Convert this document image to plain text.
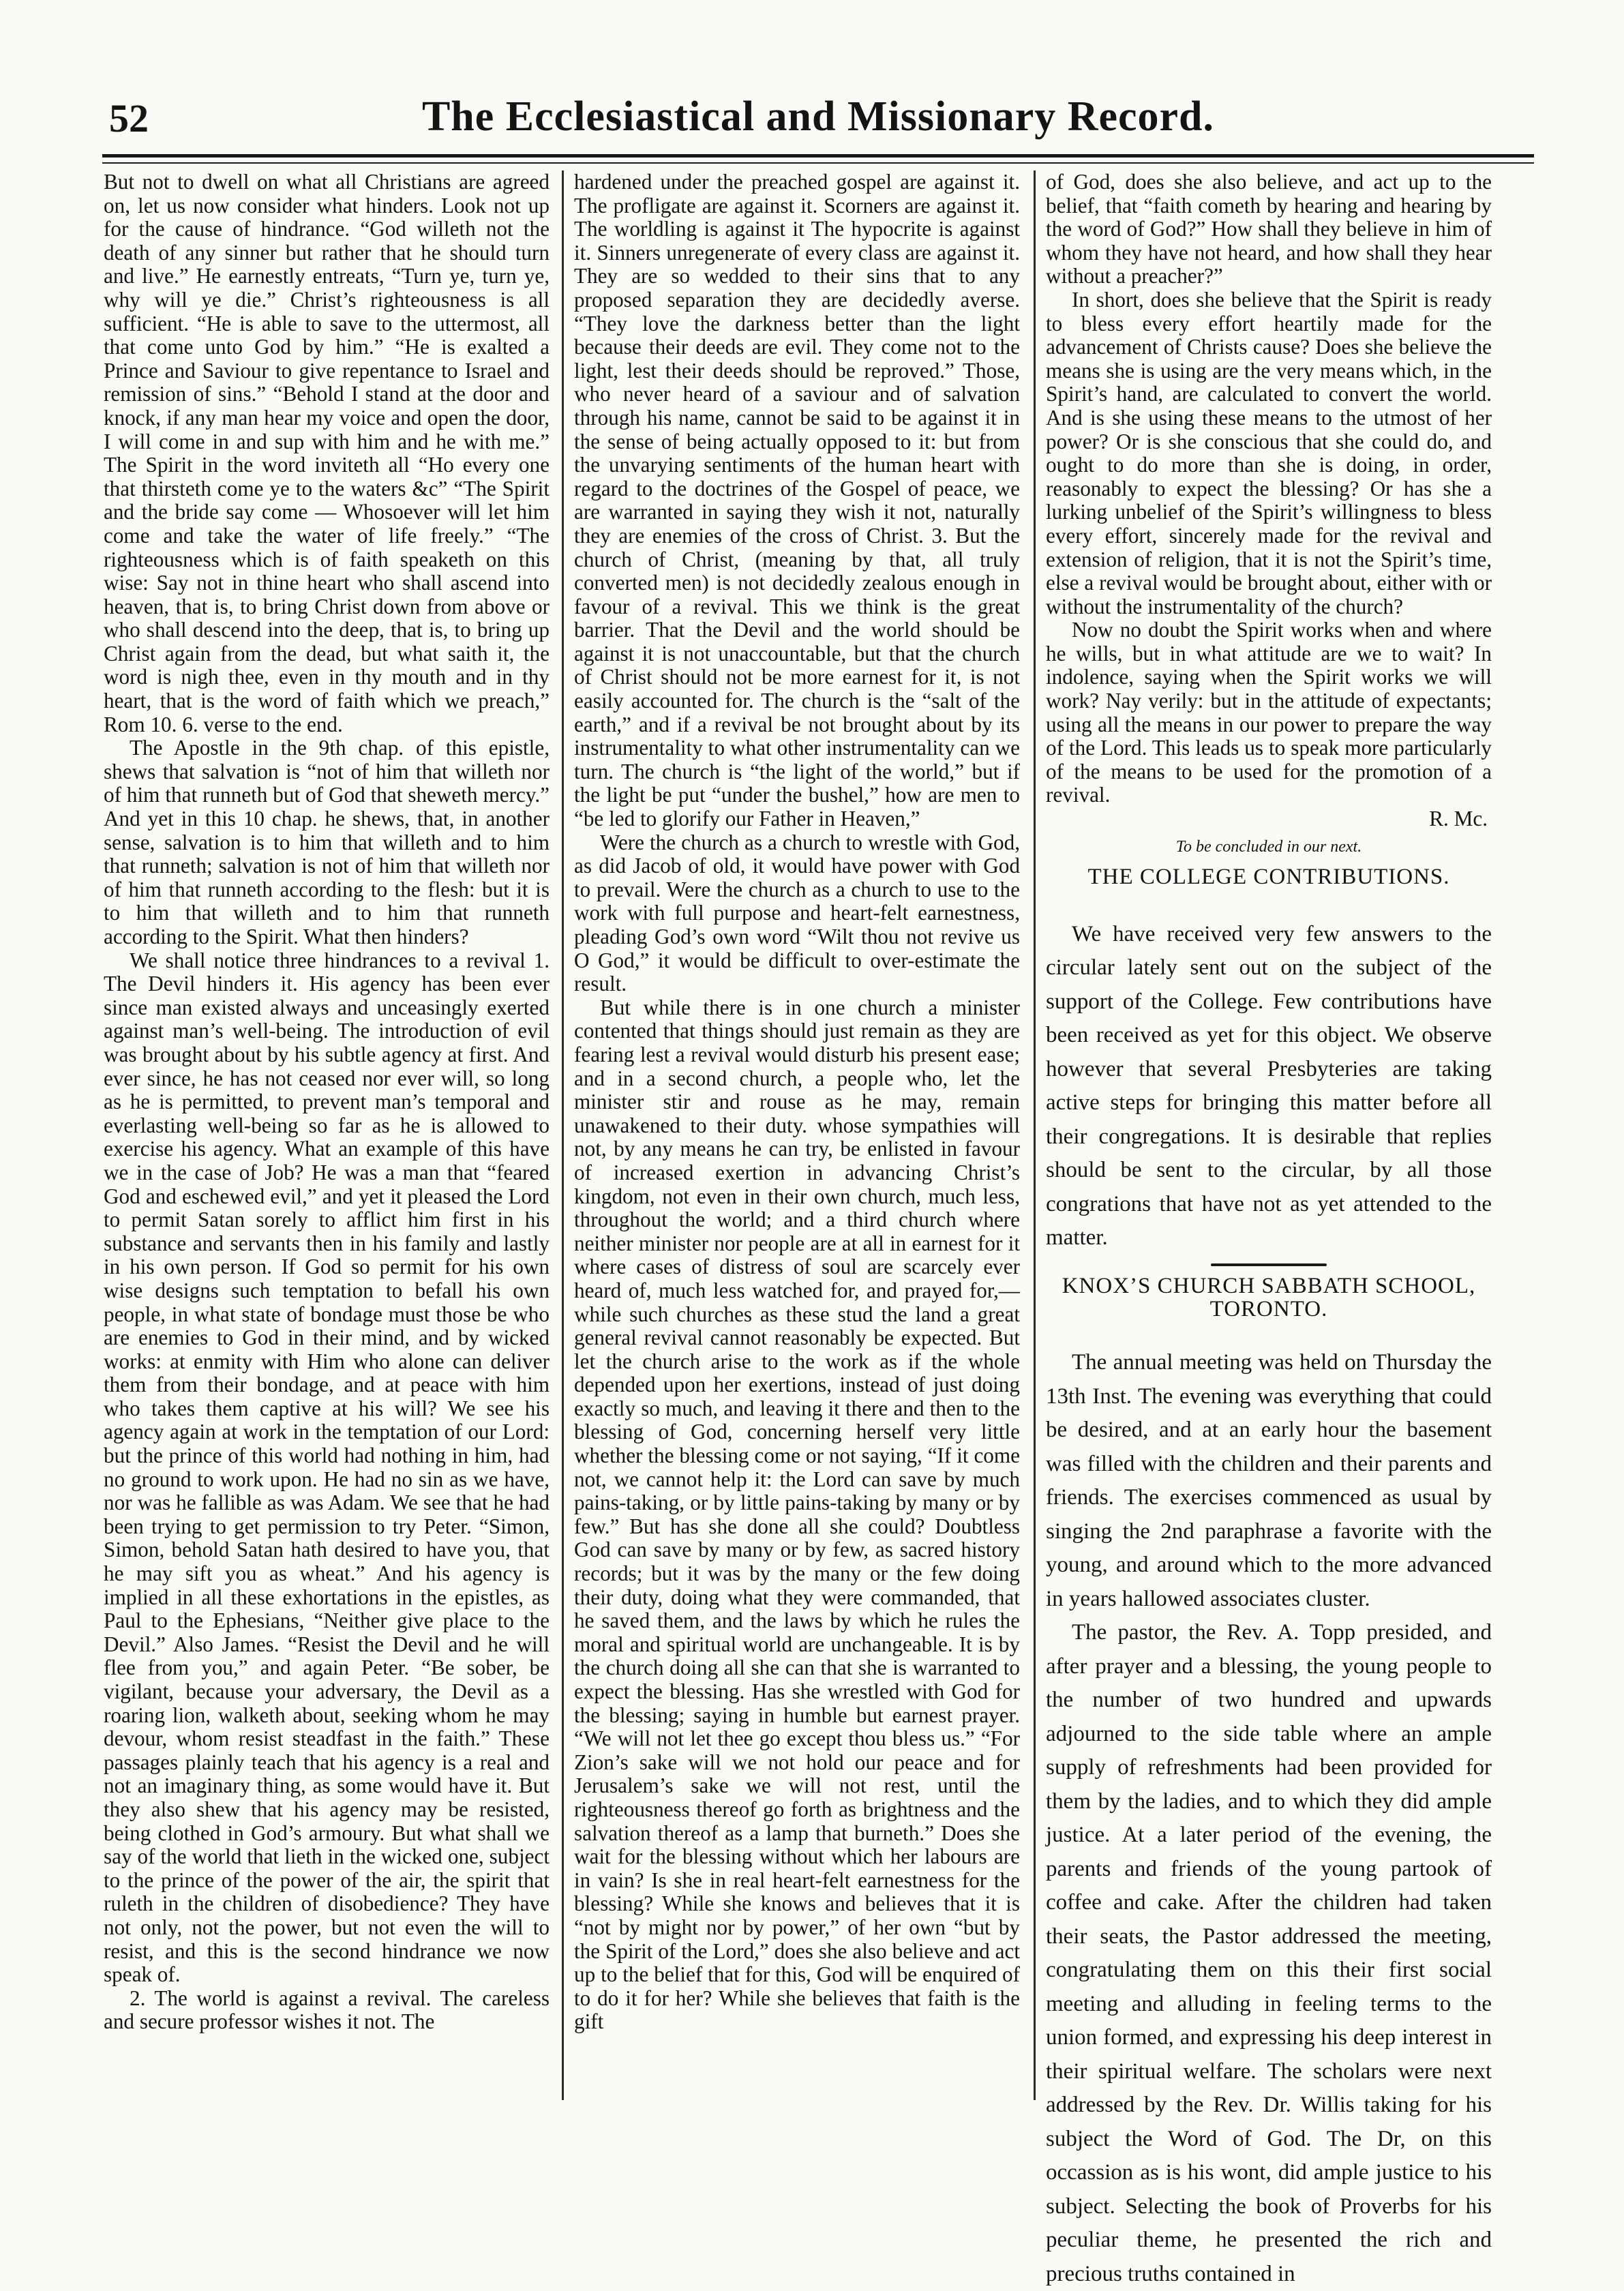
52	The Ecclesiastical and Missionary Record.

But not to dwell on what all Christians are agreed on, let us now consider what hinders. Look not up for the cause of hindrance. “God willeth not the death of any sinner but rather that he should turn and live.” He earnestly entreats, “Turn ye, turn ye, why will ye die.” Christ’s righteousness is all sufficient. “He is able to save to the uttermost, all that come unto God by him.” “He is exalted a Prince and Saviour to give repentance to Israel and remission of sins.” “Behold I stand at the door and knock, if any man hear my voice and open the door, I will come in and sup with him and he with me.” The Spirit in the word inviteth all “Ho every one that thirsteth come ye to the waters &c” “The Spirit and the bride say come — Whosoever will let him come and take the water of life freely.” “The righteousness which is of faith speaketh on this wise: Say not in thine heart who shall ascend into heaven, that is, to bring Christ down from above or who shall descend into the deep, that is, to bring up Christ again from the dead, but what saith it, the word is nigh thee, even in thy mouth and in thy heart, that is the word of faith which we preach,” Rom 10. 6. verse to the end.

The Apostle in the 9th chap. of this epistle, shews that salvation is “not of him that willeth nor of him that runneth but of God that sheweth mercy.” And yet in this 10 chap. he shews, that, in another sense, salvation is to him that willeth and to him that runneth; salvation is not of him that willeth nor of him that runneth according to the flesh: but it is to him that willeth and to him that runneth according to the Spirit. What then hinders?

We shall notice three hindrances to a revival 1. The Devil hinders it. His agency has been ever since man existed always and unceasingly exerted against man’s well-being. The introduction of evil was brought about by his subtle agency at first. And ever since, he has not ceased nor ever will, so long as he is permitted, to prevent man’s temporal and everlasting well-being so far as he is allowed to exercise his agency. What an example of this have we in the case of Job? He was a man that “feared God and eschewed evil,” and yet it pleased the Lord to permit Satan sorely to afflict him first in his substance and servants then in his family and lastly in his own person. If God so permit for his own wise designs such temptation to befall his own people, in what state of bondage must those be who are enemies to God in their mind, and by wicked works: at enmity with Him who alone can deliver them from their bondage, and at peace with him who takes them captive at his will? We see his agency again at work in the temptation of our Lord: but the prince of this world had nothing in him, had no ground to work upon. He had no sin as we have, nor was he fallible as was Adam. We see that he had been trying to get permission to try Peter. “Simon, Simon, behold Satan hath desired to have you, that he may sift you as wheat.” And his agency is implied in all these exhortations in the epistles, as Paul to the Ephesians, “Neither give place to the Devil.” Also James. “Resist the Devil and he will flee from you,” and again Peter. “Be sober, be vigilant, because your adversary, the Devil as a roaring lion, walketh about, seeking whom he may devour, whom resist steadfast in the faith.” These passages plainly teach that his agency is a real and not an imaginary thing, as some would have it. But they also shew that his agency may be resisted, being clothed in God’s armoury. But what shall we say of the world that lieth in the wicked one, subject to the prince of the power of the air, the spirit that ruleth in the children of disobedience? They have not only, not the power, but not even the will to resist, and this is the second hindrance we now speak of.

2. The world is against a revival. The careless and secure professor wishes it not. The

hardened under the preached gospel are against it. The profligate are against it. Scorners are against it. The worldling is against it The hypocrite is against it. Sinners unregenerate of every class are against it. They are so wedded to their sins that to any proposed separation they are decidedly averse. “They love the darkness better than the light because their deeds are evil. They come not to the light, lest their deeds should be reproved.” Those, who never heard of a saviour and of salvation through his name, cannot be said to be against it in the sense of being actually opposed to it: but from the unvarying sentiments of the human heart with regard to the doctrines of the Gospel of peace, we are warranted in saying they wish it not, naturally they are enemies of the cross of Christ. 3. But the church of Christ, (meaning by that, all truly converted men) is not decidedly zealous enough in favour of a revival. This we think is the great barrier. That the Devil and the world should be against it is not unaccountable, but that the church of Christ should not be more earnest for it, is not easily accounted for. The church is the “salt of the earth,” and if a revival be not brought about by its instrumentality to what other instrumentality can we turn. The church is “the light of the world,” but if the light be put “under the bushel,” how are men to “be led to glorify our Father in Heaven,”

Were the church as a church to wrestle with God, as did Jacob of old, it would have power with God to prevail. Were the church as a church to use to the work with full purpose and heart-felt earnestness, pleading God’s own word “Wilt thou not revive us O God,” it would be difficult to over-estimate the result.

But while there is in one church a minister contented that things should just remain as they are fearing lest a revival would disturb his present ease; and in a second church, a people who, let the minister stir and rouse as he may, remain unawakened to their duty. whose sympathies will not, by any means he can try, be enlisted in favour of increased exertion in advancing Christ’s kingdom, not even in their own church, much less, throughout the world; and a third church where neither minister nor people are at all in earnest for it where cases of distress of soul are scarcely ever heard of, much less watched for, and prayed for,—while such churches as these stud the land a great general revival cannot reasonably be expected. But let the church arise to the work as if the whole depended upon her exertions, instead of just doing exactly so much, and leaving it there and then to the blessing of God, concerning herself very little whether the blessing come or not saying, “If it come not, we cannot help it: the Lord can save by much pains-taking, or by little pains-taking by many or by few.” But has she done all she could? Doubtless God can save by many or by few, as sacred history records; but it was by the many or the few doing their duty, doing what they were commanded, that he saved them, and the laws by which he rules the moral and spiritual world are unchangeable. It is by the church doing all she can that she is warranted to expect the blessing. Has she wrestled with God for the blessing; saying in humble but earnest prayer. “We will not let thee go except thou bless us.” “For Zion’s sake will we not hold our peace and for Jerusalem’s sake we will not rest, until the righteousness thereof go forth as brightness and the salvation thereof as a lamp that burneth.” Does she wait for the blessing without which her labours are in vain? Is she in real heart-felt earnestness for the blessing? While she knows and believes that it is “not by might nor by power,” of her own “but by the Spirit of the Lord,” does she also believe and act up to the belief that for this, God will be enquired of to do it for her? While she believes that faith is the gift

of God, does she also believe, and act up to the belief, that “faith cometh by hearing and hearing by the word of God?” How shall they believe in him of whom they have not heard, and how shall they hear without a preacher?”

In short, does she believe that the Spirit is ready to bless every effort heartily made for the advancement of Christs cause? Does she believe the means she is using are the very means which, in the Spirit’s hand, are calculated to convert the world. And is she using these means to the utmost of her power? Or is she conscious that she could do, and ought to do more than she is doing, in order, reasonably to expect the blessing? Or has she a lurking unbelief of the Spirit’s willingness to bless every effort, sincerely made for the revival and extension of religion, that it is not the Spirit’s time, else a revival would be brought about, either with or without the instrumentality of the church?

Now no doubt the Spirit works when and where he wills, but in what attitude are we to wait? In indolence, saying when the Spirit works we will work? Nay verily: but in the attitude of expectants; using all the means in our power to prepare the way of the Lord. This leads us to speak more particularly of the means to be used for the promotion of a revival.

R. Mc.
To be concluded in our next.
THE COLLEGE CONTRIBUTIONS.

We have received very few answers to the circular lately sent out on the subject of the support of the College. Few contributions have been received as yet for this object. We observe however that several Presbyteries are taking active steps for bringing this matter before all their congregations. It is desirable that replies should be sent to the circular, by all those congrations that have not as yet attended to the matter.

KNOX’S CHURCH SABBATH SCHOOL, TORONTO.

The annual meeting was held on Thursday the 13th Inst. The evening was everything that could be desired, and at an early hour the basement was filled with the children and their parents and friends. The exercises commenced as usual by singing the 2nd paraphrase a favorite with the young, and around which to the more advanced in years hallowed associates cluster.

The pastor, the Rev. A. Topp presided, and after prayer and a blessing, the young people to the number of two hundred and upwards adjourned to the side table where an ample supply of refreshments had been provided for them by the ladies, and to which they did ample justice. At a later period of the evening, the parents and friends of the young partook of coffee and cake. After the children had taken their seats, the Pastor addressed the meeting, congratulating them on this their first social meeting and alluding in feeling terms to the union formed, and expressing his deep interest in their spiritual welfare. The scholars were next addressed by the Rev. Dr. Willis taking for his subject the Word of God. The Dr, on this occassion as is his wont, did ample justice to his subject. Selecting the book of Proverbs for his peculiar theme, he presented the rich and precious truths contained in
